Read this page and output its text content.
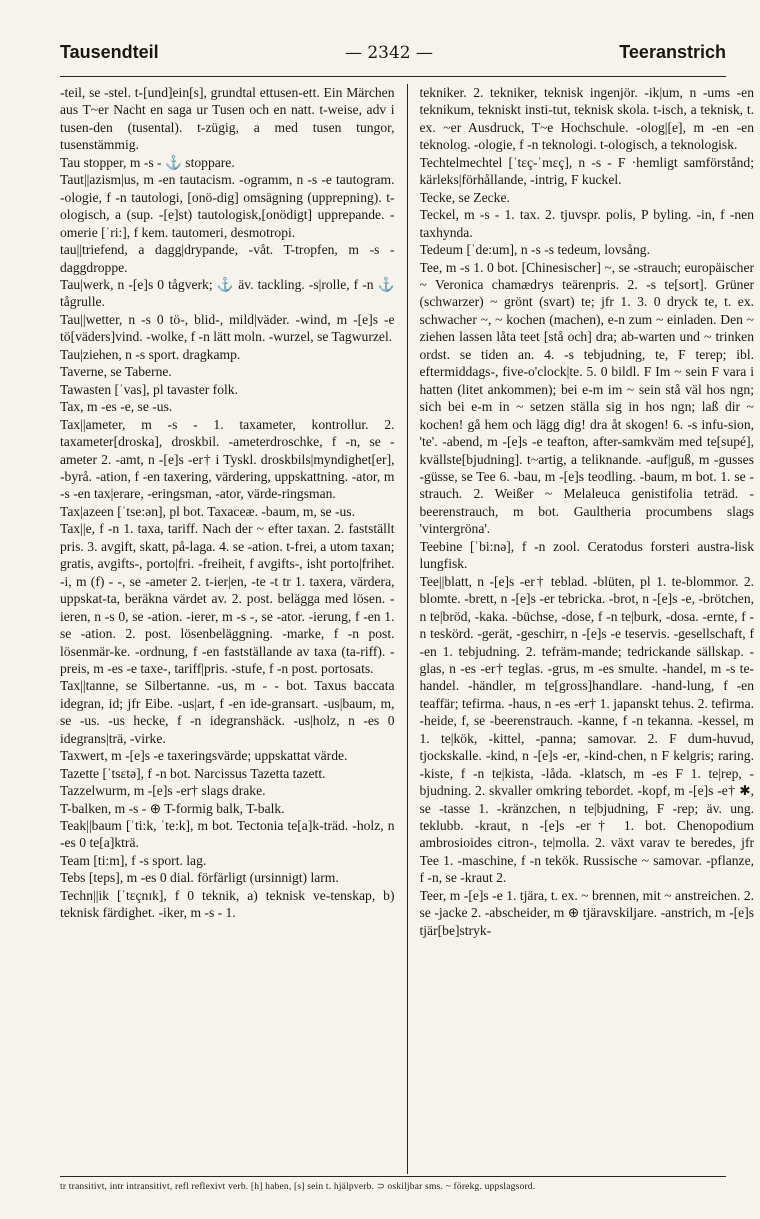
Tausendteil	— 2342 —	Teeranstrich

-teil, se -stel. t-[und]ein[s], grundtal ettusen-ett. Ein Märchen aus T~er Nacht en saga ur Tusen och en natt. t-weise, adv i tusen-den (tusental). t-zügig, a med tusen tungor, tusenstämmig.

Tau stopper, m -s - ⚓ stoppare.

Taut||azism|us, m -en tautacism. -ogramm, n -s -e tautogram. -ologie, f -n tautologi, [onö-dig] omsägning (upprepning). t-ologisch, a (sup. -[e]st) tautologisk,[onödigt] upprepande. -omerie [ˈri:], f kem. tautomeri, desmotropi.

tau||triefend, a dagg|drypande, -våt. T-tropfen, m -s - daggdroppe.

Tau|werk, n -[e]s 0 tågverk; ⚓ äv. tackling. -s|rolle, f -n ⚓ tågrulle.

Tau||wetter, n -s 0 tö-, blid-, mild|väder. -wind, m -[e]s -e tö[väders]vind. -wolke, f -n lätt moln. -wurzel, se Tagwurzel.

Tau|ziehen, n -s sport. dragkamp.

Taverne, se Taberne.

Tawasten [ˈvas], pl tavaster folk.

Tax, m -es -e, se -us.

Tax||ameter, m -s - 1. taxameter, kontrollur. 2. taxameter[droska], droskbil. -ameterdroschke, f -n, se -ameter 2. -amt, n -[e]s -er† i Tyskl. droskbils|myndighet[er], -byrå. -ation, f -en taxering, värdering, uppskattning. -ator, m -s -en tax|erare, -eringsman, -ator, värde-ringsman.

Tax|azeen [ˈtse:ən], pl bot. Taxaceæ. -baum, m, se -us.

Tax||e, f -n 1. taxa, tariff. Nach der ~ efter taxan. 2. fastställt pris. 3. avgift, skatt, på-laga. 4. se -ation. t-frei, a utom taxan; gratis, avgifts-, porto|fri. -freiheit, f avgifts-, isht porto|frihet. -i, m (f) - -, se -ameter 2. t-ier|en, -te -t tr 1. taxera, värdera, uppskat-ta, beräkna värdet av. 2. post. belägga med lösen. -ieren, n -s 0, se -ation. -ierer, m -s -, se -ator. -ierung, f -en 1. se -ation. 2. post. lösenbeläggning. -marke, f -n post. lösenmär-ke. -ordnung, f -en fastställande av taxa (ta-riff). -preis, m -es -e taxe-, tariff|pris. -stufe, f -n post. portosats.

Tax||tanne, se Silbertanne. -us, m - - bot. Taxus baccata idegran, id; jfr Eibe. -us|art, f -en ide-gransart. -us|baum, m, se -us. -us hecke, f -n idegranshäck. -us|holz, n -es 0 idegrans|trä, -virke.

Taxwert, m -[e]s -e taxeringsvärde; uppskattat värde.

Tazette [ˈtsɛtə], f -n bot. Narcissus Tazetta tazett.

Tazzelwurm, m -[e]s -er† slags drake.

T-balken, m -s - ⊕ T-formig balk, T-balk.

Teak||baum [ˈti:k, ˈte:k], m bot. Tectonia te[a]k-träd. -holz, n -es 0 te[a]kträ.

Team [ti:m], f -s sport. lag.

Tebs [teps], m -es 0 dial. förfärligt (ursinnigt) larm.

Techn||ik [ˈtɛçnɪk], f 0 teknik, a) teknisk ve-tenskap, b) teknisk färdighet. -iker, m -s - 1.

tekniker. 2. tekniker, teknisk ingenjör. -ik|um, n -ums -en teknikum, tekniskt insti-tut, teknisk skola. t-isch, a teknisk, t. ex. ~er Ausdruck, T~e Hochschule. -olog|[e], m -en -en teknolog. -ologie, f -n teknologi. t-ologisch, a teknologisk.

Techtelmechtel [ˈtɛç-ˈmɛç], n -s - F ·hemligt samförstånd; kärleks|förhållande, -intrig, F kuckel.

Tecke, se Zecke.

Teckel, m -s - 1. tax. 2. tjuvspr. polis, P byling. -in, f -nen taxhynda.

Tedeum [ˈde:um], n -s -s tedeum, lovsång.

Tee, m -s 1. 0 bot. [Chinesischer] ~, se -strauch; europäischer ~ Veronica chamædrys teärenpris. 2. -s te[sort]. Grüner (schwarzer) ~ grönt (svart) te; jfr 1. 3. 0 dryck te, t. ex. schwacher ~, ~ kochen (machen), e-n zum ~ einladen. Den ~ ziehen lassen låta teet [stå och] dra; ab-warten und ~ trinken ordst. se tiden an. 4. -s tebjudning, te, F terep; ibl. eftermiddags-, five-o'clock|te. 5. 0 bildl. F Im ~ sein F vara i hatten (litet ankommen); bei e-m im ~ sein stå väl hos ngn; sich bei e-m in ~ setzen ställa sig in hos ngn; laß dir ~ kochen! gå hem och lägg dig! dra åt skogen! 6. -s infu-sion, 'te'. -abend, m -[e]s -e teafton, after-samkväm med te[supé], kvällste[bjudning]. t~artig, a teliknande. -auf|guß, m -gusses -güsse, se Tee 6. -bau, m -[e]s teodling. -baum, m bot. 1. se -strauch. 2. Weißer ~ Melaleuca genistifolia teträd. -beerenstrauch, m bot. Gaultheria procumbens slags 'vintergröna'.

Teebine [ˈbi:nə], f -n zool. Ceratodus forsteri austra-lisk lungfisk.

Tee||blatt, n -[e]s -er† teblad. -blüten, pl 1. te-blommor. 2. blomte. -brett, n -[e]s -er tebricka. -brot, n -[e]s -e, -brötchen, n te|bröd, -kaka. -büchse, -dose, f -n te|burk, -dosa. -ernte, f -n teskörd. -gerät, -geschirr, n -[e]s -e teservis. -gesellschaft, f -en 1. tebjudning. 2. tefräm-mande; tedrickande sällskap. -glas, n -es -er† teglas. -grus, m -es smulte. -handel, m -s te-handel. -händler, m te[gross]handlare. -hand-lung, f -en teaffär; tefirma. -haus, n -es -er† 1. japanskt tehus. 2. tefirma. -heide, f, se -beerenstrauch. -kanne, f -n tekanna. -kessel, m 1. te|kök, -kittel, -panna; samovar. 2. F dum-huvud, tjockskalle. -kind, n -[e]s -er, -kind-chen, n F kelgris; raring. -kiste, f -n te|kista, -låda. -klatsch, m -es F 1. te|rep, -bjudning. 2. skvaller omkring tebordet. -kopf, m -[e]s -e† ✱, se -tasse 1. -kränzchen, n te|bjudning, F -rep; äv. ung. teklubb. -kraut, n -[e]s -er† 1. bot. Chenopodium ambrosioides citron-, te|molla. 2. växt varav te beredes, jfr Tee 1. -maschine, f -n tekök. Russische ~ samovar. -pflanze, f -n, se -kraut 2.

Teer, m -[e]s -e 1. tjära, t. ex. ~ brennen, mit ~ anstreichen. 2. se -jacke 2. -abscheider, m ⊕ tjäravskiljare. -anstrich, m -[e]s tjär[be]stryk-

tr transitivt, intr intransitivt, refl reflexivt verb. [h] haben, [s] sein t. hjälpverb. ⊃ oskiljbar sms. ~ förekg. uppslagsord.
